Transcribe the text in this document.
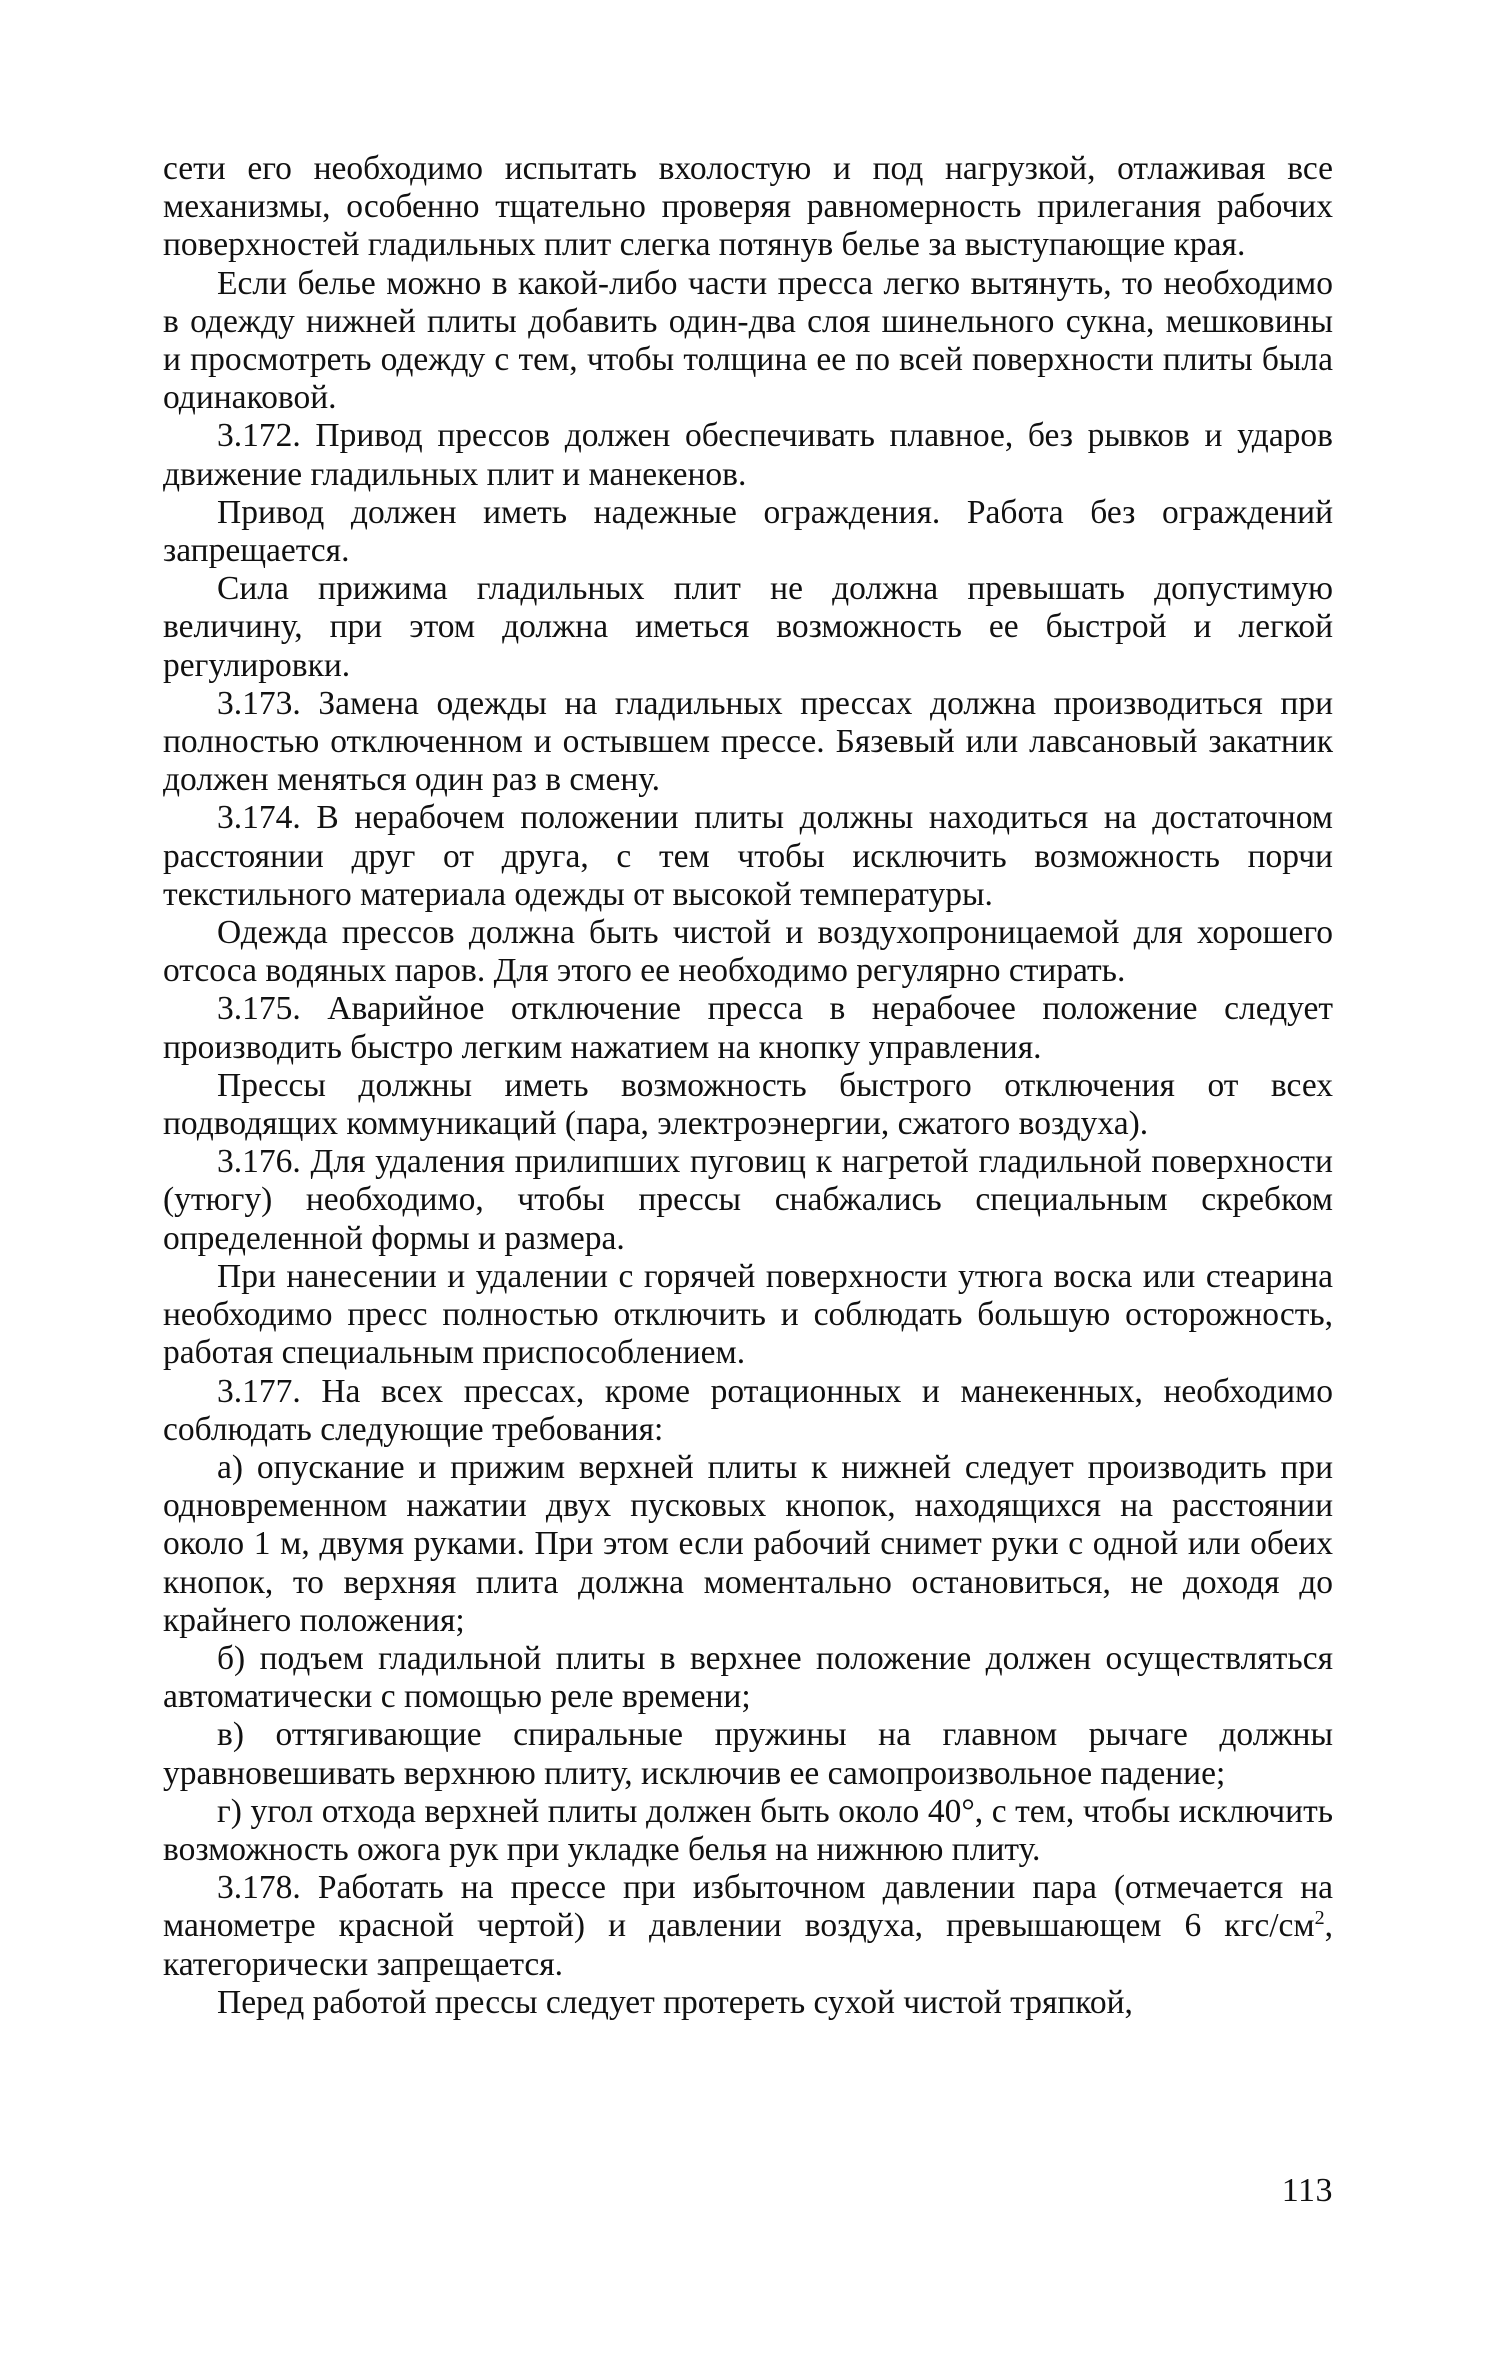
сети его необходимо испытать вхолостую и под нагрузкой, отлаживая все механизмы, особенно тщательно проверяя равномерность прилегания рабочих поверхностей гладильных плит слегка потянув белье за выступающие края.

Если белье можно в какой-либо части пресса легко вытянуть, то необходимо в одежду нижней плиты добавить один-два слоя шинельного сукна, мешковины и просмотреть одежду с тем, чтобы толщина ее по всей поверхности плиты была одинаковой.

3.172. Привод прессов должен обеспечивать плавное, без рывков и ударов движение гладильных плит и манекенов.

Привод должен иметь надежные ограждения. Работа без ограждений запрещается.

Сила прижима гладильных плит не должна превышать допустимую величину, при этом должна иметься возможность ее быстрой и легкой регулировки.

3.173. Замена одежды на гладильных прессах должна производиться при полностью отключенном и остывшем прессе. Бязевый или лавсановый закатник должен меняться один раз в смену.

3.174. В нерабочем положении плиты должны находиться на достаточном расстоянии друг от друга, с тем чтобы исключить возможность порчи текстильного материала одежды от высокой температуры.

Одежда прессов должна быть чистой и воздухопроницаемой для хорошего отсоса водяных паров. Для этого ее необходимо регулярно стирать.

3.175. Аварийное отключение пресса в нерабочее положение следует производить быстро легким нажатием на кнопку управления.

Прессы должны иметь возможность быстрого отключения от всех подводящих коммуникаций (пара, электроэнергии, сжатого воздуха).

3.176. Для удаления прилипших пуговиц к нагретой гладильной поверхности (утюгу) необходимо, чтобы прессы снабжались специальным скребком определенной формы и размера.

При нанесении и удалении с горячей поверхности утюга воска или стеарина необходимо пресс полностью отключить и соблюдать большую осторожность, работая специальным приспособлением.

3.177. На всех прессах, кроме ротационных и манекенных, необходимо соблюдать следующие требования:

а) опускание и прижим верхней плиты к нижней следует производить при одновременном нажатии двух пусковых кнопок, находящихся на расстоянии около 1 м, двумя руками. При этом если рабочий снимет руки с одной или обеих кнопок, то верхняя плита должна моментально остановиться, не доходя до крайнего положения;

б) подъем гладильной плиты в верхнее положение должен осуществляться автоматически с помощью реле времени;

в) оттягивающие спиральные пружины на главном рычаге должны уравновешивать верхнюю плиту, исключив ее самопроизвольное падение;

г) угол отхода верхней плиты должен быть около 40°, с тем, чтобы исключить возможность ожога рук при укладке белья на нижнюю плиту.

3.178. Работать на прессе при избыточном давлении пара (отмечается на манометре красной чертой) и давлении воздуха, превышающем 6 кгс/$см^2$, категорически запрещается.

Перед работой прессы следует протереть сухой чистой тряпкой,

113
